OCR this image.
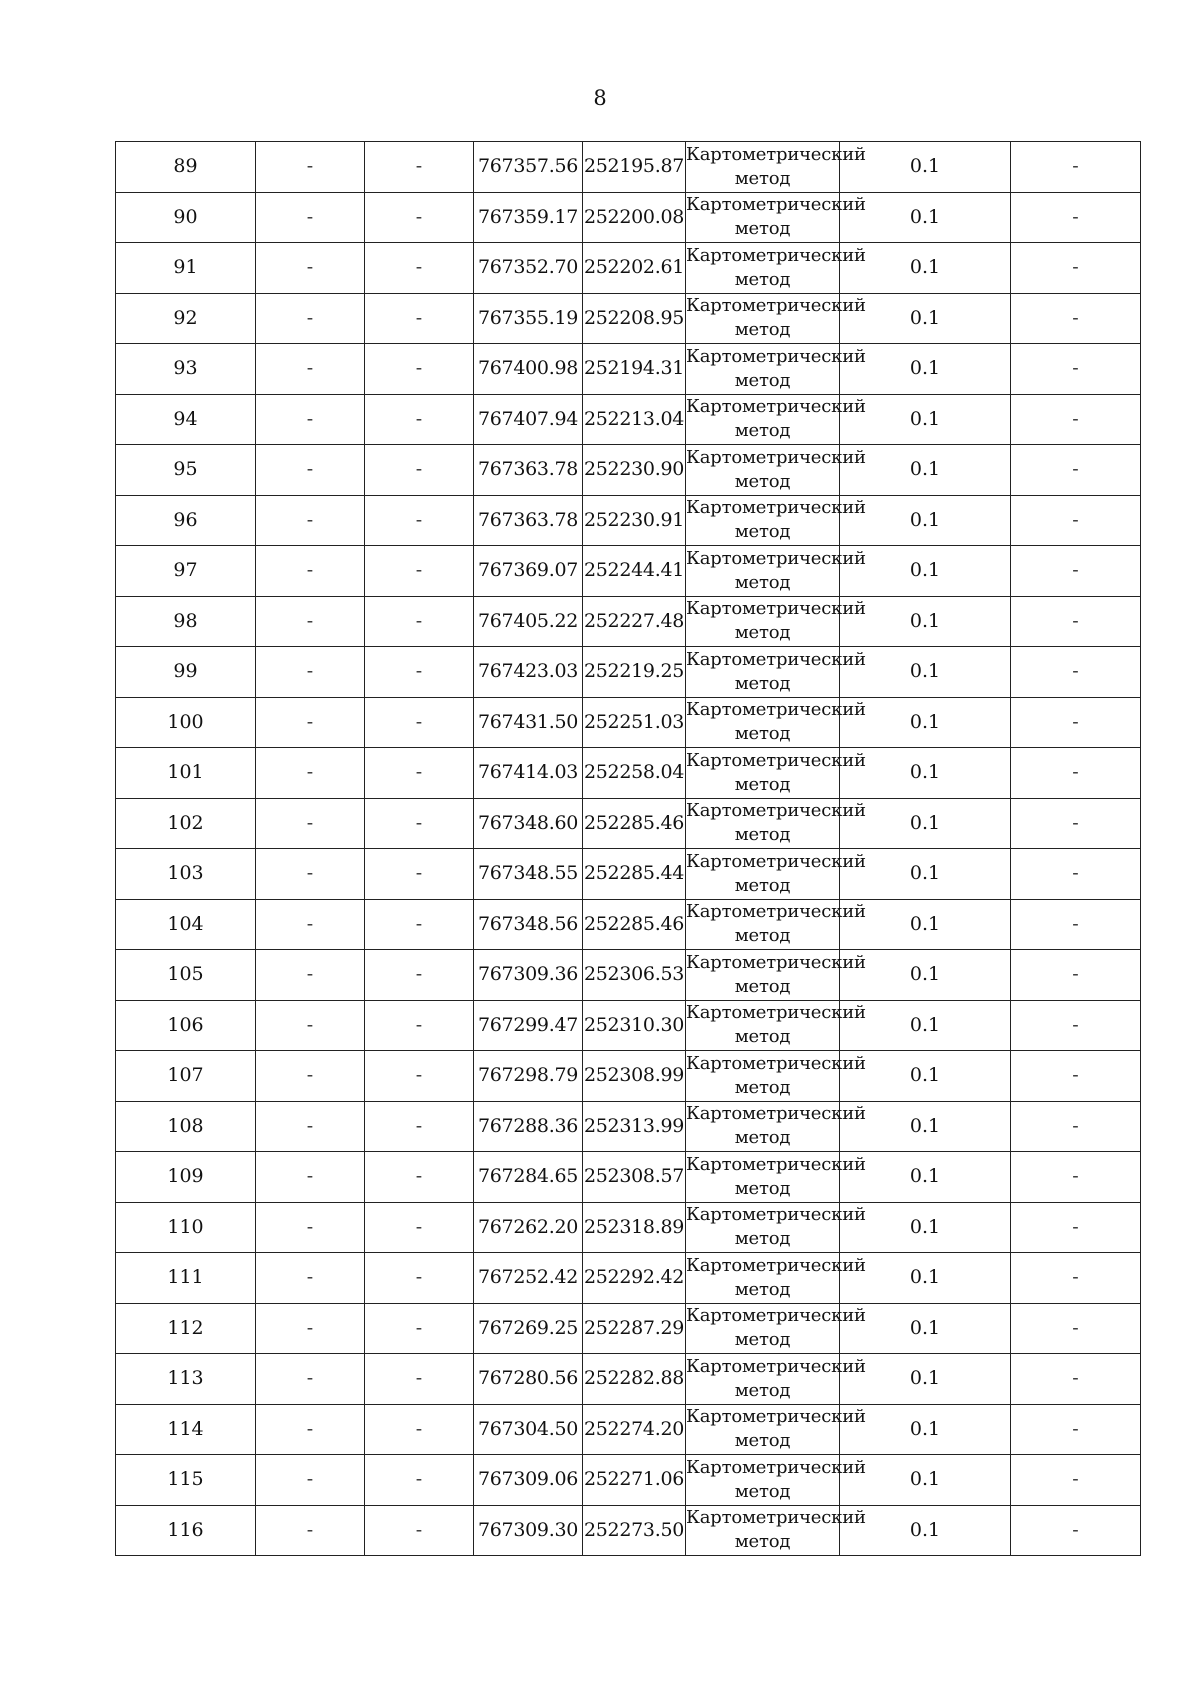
8
89	-	-	767357.56	252195.87	Картометрический метод	0.1	-
90	-	-	767359.17	252200.08	Картометрический метод	0.1	-
91	-	-	767352.70	252202.61	Картометрический метод	0.1	-
92	-	-	767355.19	252208.95	Картометрический метод	0.1	-
93	-	-	767400.98	252194.31	Картометрический метод	0.1	-
94	-	-	767407.94	252213.04	Картометрический метод	0.1	-
95	-	-	767363.78	252230.90	Картометрический метод	0.1	-
96	-	-	767363.78	252230.91	Картометрический метод	0.1	-
97	-	-	767369.07	252244.41	Картометрический метод	0.1	-
98	-	-	767405.22	252227.48	Картометрический метод	0.1	-
99	-	-	767423.03	252219.25	Картометрический метод	0.1	-
100	-	-	767431.50	252251.03	Картометрический метод	0.1	-
101	-	-	767414.03	252258.04	Картометрический метод	0.1	-
102	-	-	767348.60	252285.46	Картометрический метод	0.1	-
103	-	-	767348.55	252285.44	Картометрический метод	0.1	-
104	-	-	767348.56	252285.46	Картометрический метод	0.1	-
105	-	-	767309.36	252306.53	Картометрический метод	0.1	-
106	-	-	767299.47	252310.30	Картометрический метод	0.1	-
107	-	-	767298.79	252308.99	Картометрический метод	0.1	-
108	-	-	767288.36	252313.99	Картометрический метод	0.1	-
109	-	-	767284.65	252308.57	Картометрический метод	0.1	-
110	-	-	767262.20	252318.89	Картометрический метод	0.1	-
111	-	-	767252.42	252292.42	Картометрический метод	0.1	-
112	-	-	767269.25	252287.29	Картометрический метод	0.1	-
113	-	-	767280.56	252282.88	Картометрический метод	0.1	-
114	-	-	767304.50	252274.20	Картометрический метод	0.1	-
115	-	-	767309.06	252271.06	Картометрический метод	0.1	-
116	-	-	767309.30	252273.50	Картометрический метод	0.1	-
